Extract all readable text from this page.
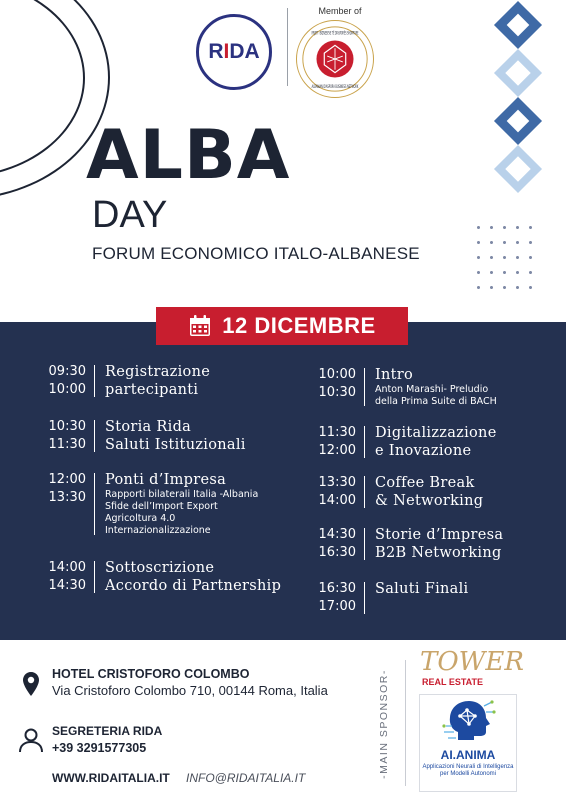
RIDA
Member of
RRJETI I BIZNESEVE TË DIASPORËS SHQIPTARE
ALBANIAN DIASPORA BUSINESS NETWORK
ALBA
DAY
FORUM ECONOMICO ITALO-ALBANESE
12 DICEMBRE
09:30
10:00
Registrazione
partecipanti
10:30
11:30
Storia Rida
Saluti Istituzionali
12:00
13:30
Ponti d’Impresa
Rapporti bilaterali Italia -Albania
Sfide dell’Import Export
Agricoltura 4.0
Internazionalizzazione
14:00
14:30
Sottoscrizione
Accordo di Partnership
10:00
10:30
Intro
Anton Marashi- Preludio
della Prima Suite di BACH
11:30
12:00
Digitalizzazione
e Inovazione
13:30
14:00
Coffee Break
& Networking
14:30
16:30
Storie d’Impresa
B2B Networking
16:30
17:00
Saluti Finali
HOTEL CRISTOFORO COLOMBO
Via Cristoforo Colombo 710, 00144 Roma, Italia
SEGRETERIA RIDA
+39 3291577305
WWW.RIDAITALIA.IT INFO@RIDAITALIA.IT	-MAIN SPONSOR-
TOWER
REAL ESTATE
AI.ANIMA
Applicazioni Neurali di Intelligenza per Modelli Autonomi
